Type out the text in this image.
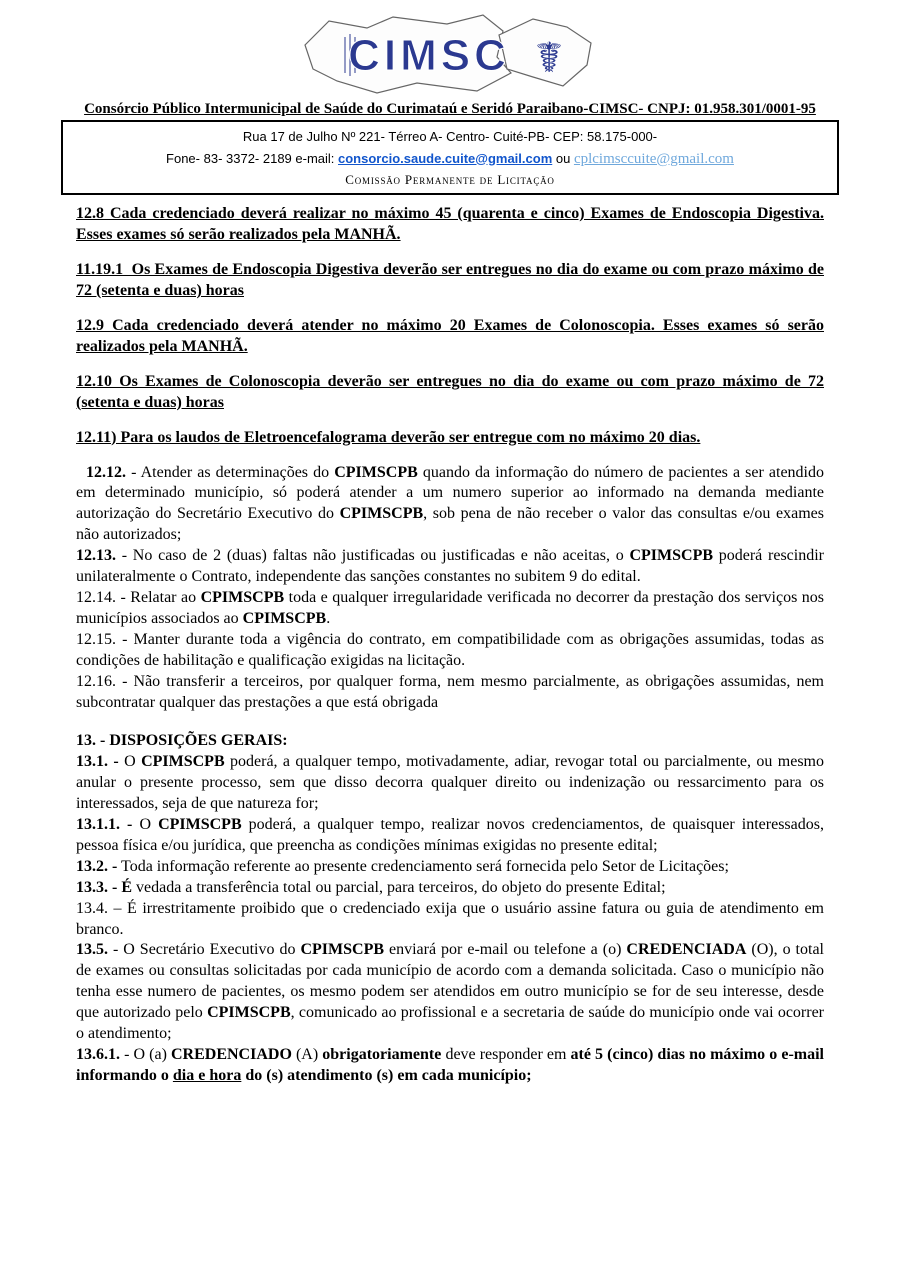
CIMSC ☤
Consórcio Público Intermunicipal de Saúde do Curimataú e Seridó Paraibano-CIMSC- CNPJ: 01.958.301/0001-95
Rua 17 de Julho Nº 221- Térreo A- Centro- Cuité-PB- CEP: 58.175-000-
Fone- 83- 3372- 2189 e-mail: consorcio.saude.cuite@gmail.com ou cplcimsccuite@gmail.com
Comissão Permanente de Licitação
12.8 Cada credenciado deverá realizar no máximo 45 (quarenta e cinco) Exames de Endoscopia Digestiva. Esses exames só serão realizados pela MANHÃ.
11.19.1  Os Exames de Endoscopia Digestiva deverão ser entregues no dia do exame ou com prazo máximo de 72 (setenta e duas) horas
12.9 Cada credenciado deverá atender no máximo 20 Exames de Colonoscopia. Esses exames só serão realizados pela MANHÃ.
12.10 Os Exames de Colonoscopia deverão ser entregues no dia do exame ou com prazo máximo de 72 (setenta e duas) horas
12.11) Para os laudos de Eletroencefalograma deverão ser entregue com no máximo 20 dias.
12.12. - Atender as determinações do CPIMSCPB quando da informação do número de pacientes a ser atendido em determinado município, só poderá atender a um numero superior ao informado na demanda mediante autorização do Secretário Executivo do CPIMSCPB, sob pena de não receber o valor das consultas e/ou exames não autorizados;
12.13. - No caso de 2 (duas) faltas não justificadas ou justificadas e não aceitas, o CPIMSCPB poderá rescindir unilateralmente o Contrato, independente das sanções constantes no subitem 9 do edital.
12.14. - Relatar ao CPIMSCPB toda e qualquer irregularidade verificada no decorrer da prestação dos serviços nos municípios associados ao CPIMSCPB.
12.15. - Manter durante toda a vigência do contrato, em compatibilidade com as obrigações assumidas, todas as condições de habilitação e qualificação exigidas na licitação.
12.16. - Não transferir a terceiros, por qualquer forma, nem mesmo parcialmente, as obrigações assumidas, nem subcontratar qualquer das prestações a que está obrigada
13. - DISPOSIÇÕES GERAIS:
13.1. - O CPIMSCPB poderá, a qualquer tempo, motivadamente, adiar, revogar total ou parcialmente, ou mesmo anular o presente processo, sem que disso decorra qualquer direito ou indenização ou ressarcimento para os interessados, seja de que natureza for;
13.1.1. - O CPIMSCPB poderá, a qualquer tempo, realizar novos credenciamentos, de quaisquer interessados, pessoa física e/ou jurídica, que preencha as condições mínimas exigidas no presente edital;
13.2. - Toda informação referente ao presente credenciamento será fornecida pelo Setor de Licitações;
13.3. - É vedada a transferência total ou parcial, para terceiros, do objeto do presente Edital;
13.4. – É irrestritamente proibido que o credenciado exija que o usuário assine fatura ou guia de atendimento em branco.
13.5. - O Secretário Executivo do CPIMSCPB enviará por e-mail ou telefone a (o) CREDENCIADA (O), o total de exames ou consultas solicitadas por cada município de acordo com a demanda solicitada. Caso o município não tenha esse numero de pacientes, os mesmo podem ser atendidos em outro município se for de seu interesse, desde que autorizado pelo CPIMSCPB, comunicado ao profissional e a secretaria de saúde do município onde vai ocorrer o atendimento;
13.6.1. - O (a) CREDENCIADO (A) obrigatoriamente deve responder em até 5 (cinco) dias no máximo o e-mail informando o dia e hora do (s) atendimento (s) em cada município;
